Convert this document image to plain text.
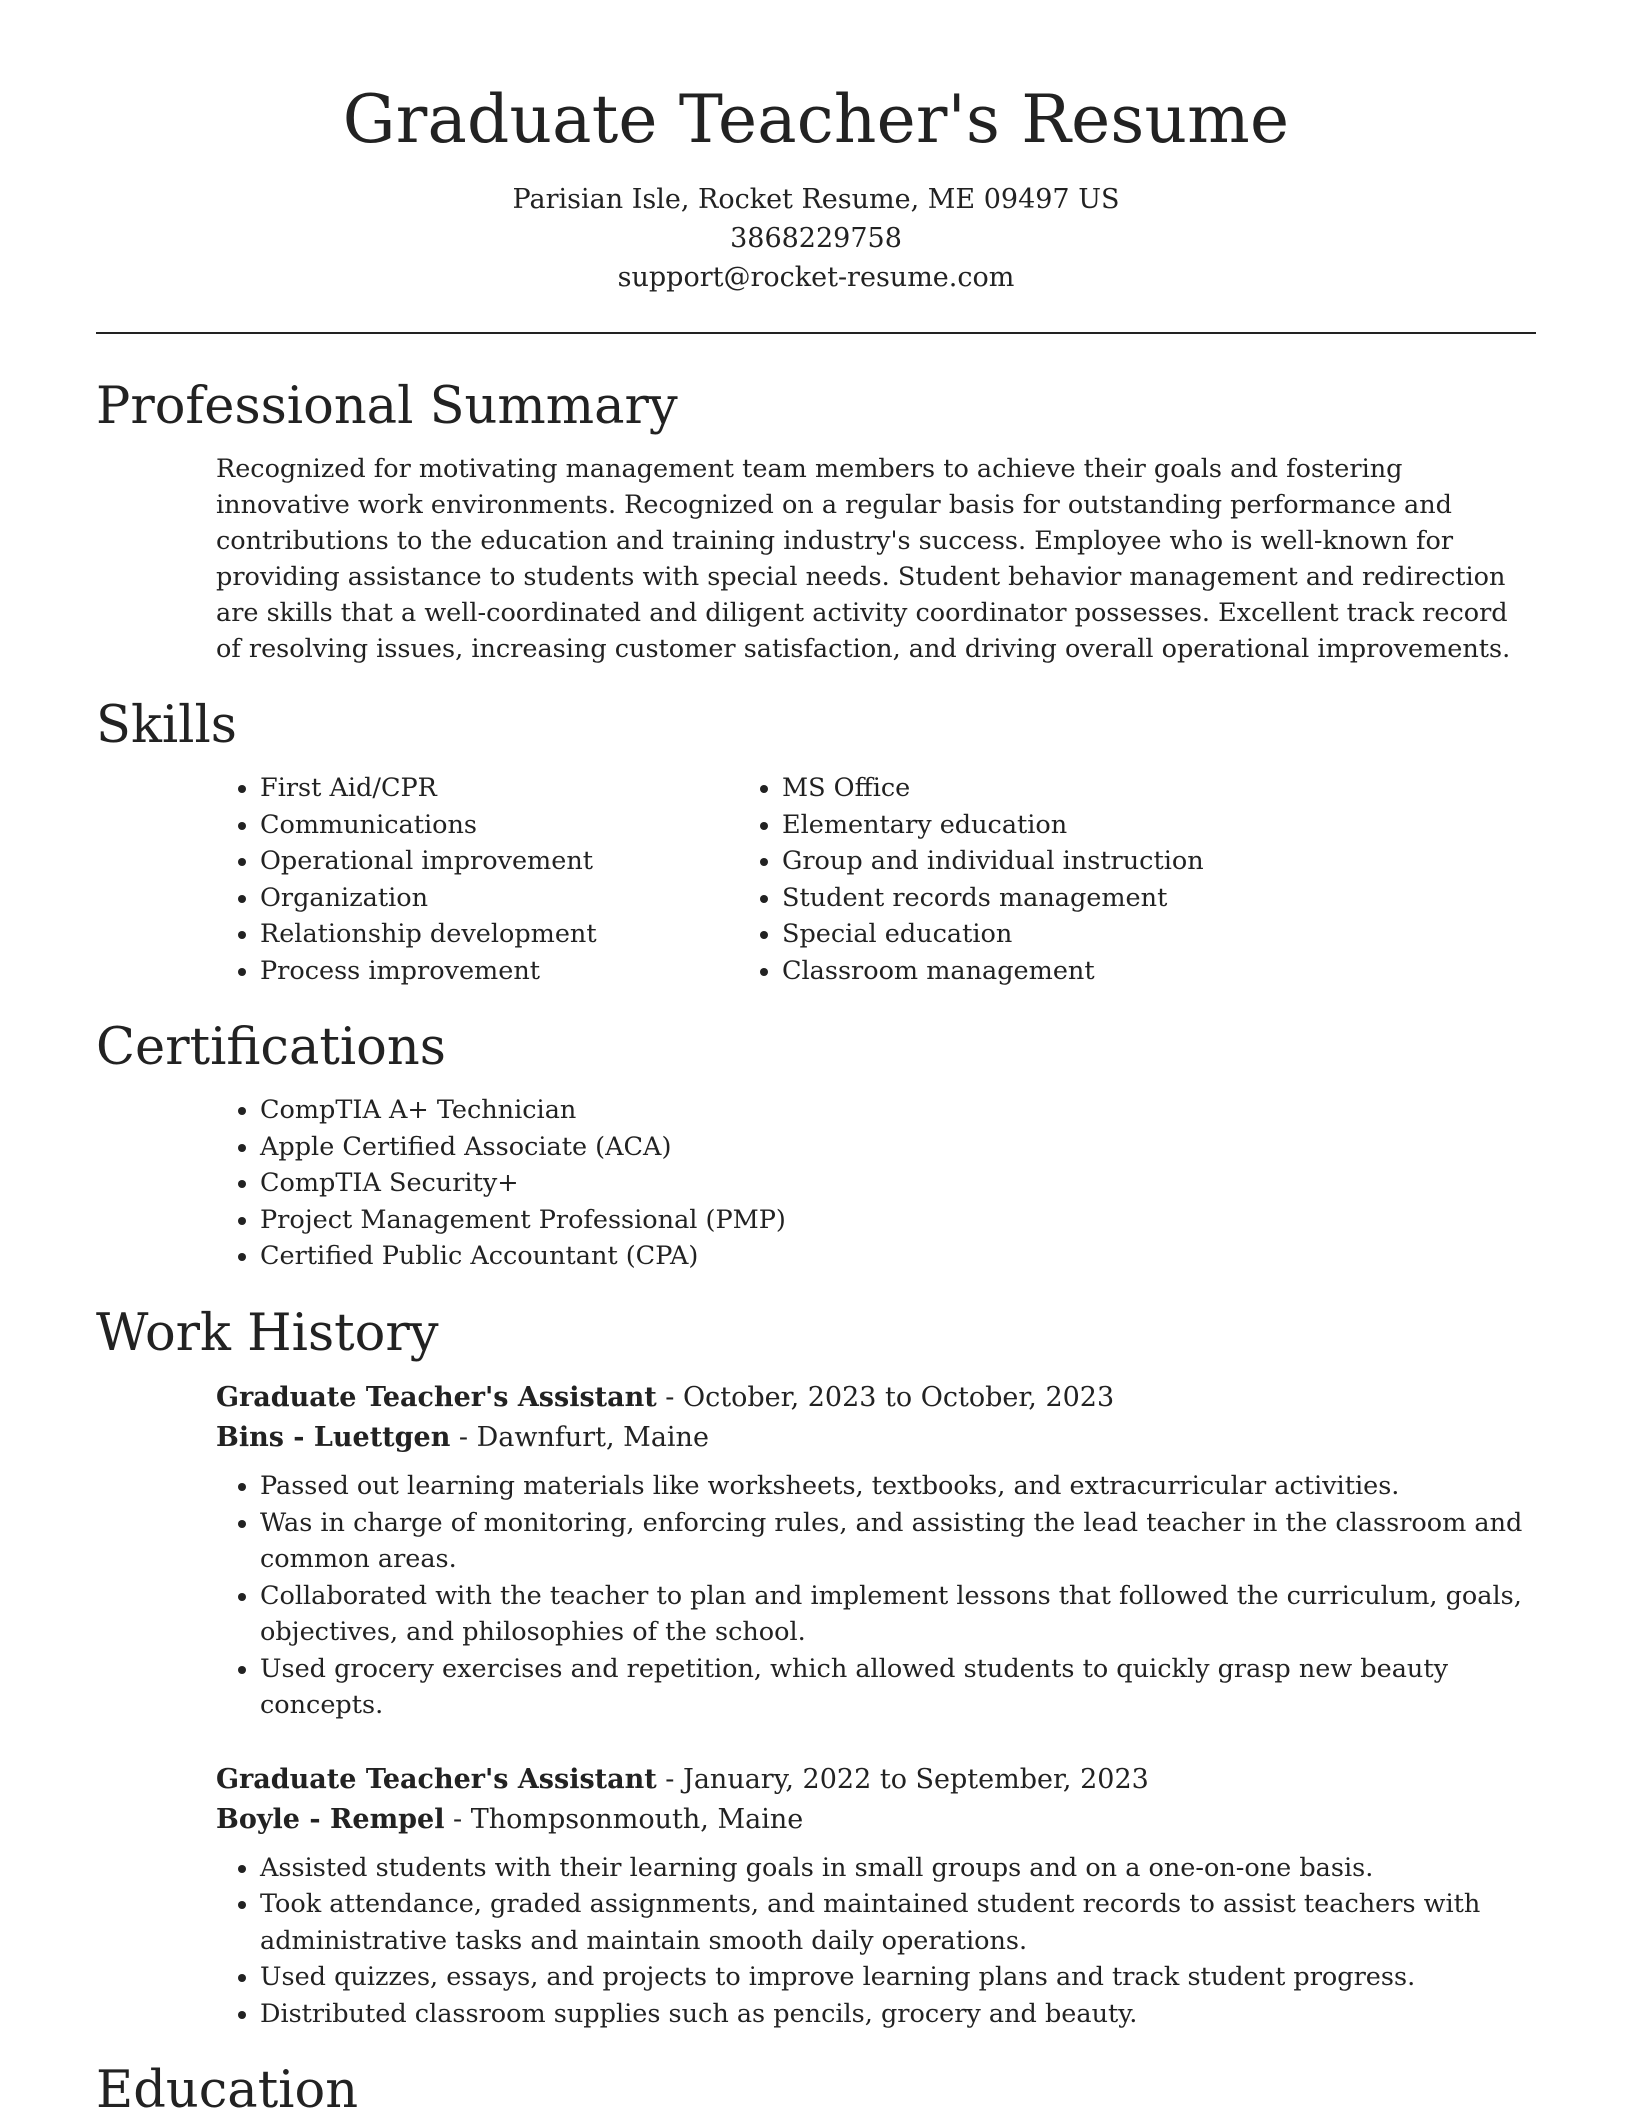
Graduate Teacher's Resume

Parisian Isle, Rocket Resume, ME 09497 US

3868229758

support@rocket-resume.com

Professional Summary

Recognized for motivating management team members to achieve their goals and fostering innovative work environments. Recognized on a regular basis for outstanding performance and contributions to the education and training industry's success. Employee who is well-known for providing assistance to students with special needs. Student behavior management and redirection are skills that a well-coordinated and diligent activity coordinator possesses. Excellent track record of resolving issues, increasing customer satisfaction, and driving overall operational improvements.

Skills
• First Aid/CPR
• Communications
• Operational improvement
• Organization
• Relationship development
• Process improvement
• MS Office
• Elementary education
• Group and individual instruction
• Student records management
• Special education
• Classroom management
Certifications
• CompTIA A+ Technician
• Apple Certified Associate (ACA)
• CompTIA Security+
• Project Management Professional (PMP)
• Certified Public Accountant (CPA)
Work History

Graduate Teacher's Assistant - October, 2023 to October, 2023

Bins - Luettgen - Dawnfurt, Maine

• Passed out learning materials like worksheets, textbooks, and extracurricular activities.
• Was in charge of monitoring, enforcing rules, and assisting the lead teacher in the classroom and common areas.
• Collaborated with the teacher to plan and implement lessons that followed the curriculum, goals, objectives, and philosophies of the school.
• Used grocery exercises and repetition, which allowed students to quickly grasp new beauty concepts.

Graduate Teacher's Assistant - January, 2022 to September, 2023

Boyle - Rempel - Thompsonmouth, Maine

• Assisted students with their learning goals in small groups and on a one-on-one basis.
• Took attendance, graded assignments, and maintained student records to assist teachers with administrative tasks and maintain smooth daily operations.
• Used quizzes, essays, and projects to improve learning plans and track student progress.
• Distributed classroom supplies such as pencils, grocery and beauty.
Education
